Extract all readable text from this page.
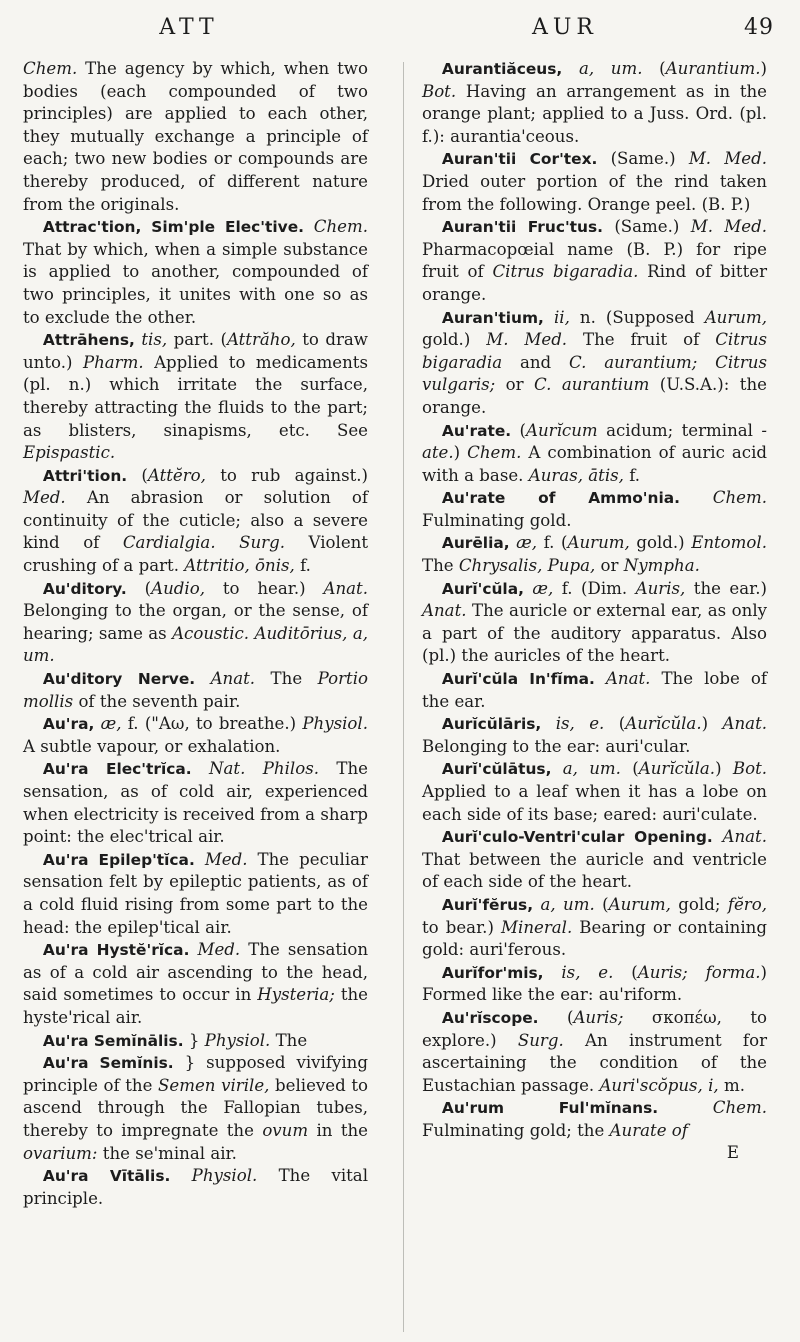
ATT	AUR	49

Chem. The agency by which, when two bodies (each compounded of two principles) are applied to each other, they mutually exchange a principle of each; two new bodies or compounds are thereby produced, of different nature from the originals.

Attrac'tion, Sim'ple Elec'tive. Chem. That by which, when a simple substance is applied to another, compounded of two principles, it unites with one so as to exclude the other.

Attrāhens, tis, part. (Attrăho, to draw unto.) Pharm. Applied to medicaments (pl. n.) which irritate the surface, thereby attracting the fluids to the part; as blisters, sinapisms, etc. See Epispastic.

Attri'tion. (Attĕro, to rub against.) Med. An abrasion or solution of continuity of the cuticle; also a severe kind of Cardialgia. Surg. Violent crushing of a part. Attritio, ōnis, f.

Au'ditory. (Audio, to hear.) Anat. Belonging to the organ, or the sense, of hearing; same as Acoustic. Auditōrius, a, um.

Au'ditory Nerve. Anat. The Portio mollis of the seventh pair.

Au'ra, æ, f. ("Αω, to breathe.) Physiol. A subtle vapour, or exhalation.

Au'ra Elec'trĭca. Nat. Philos. The sensation, as of cold air, experienced when electricity is received from a sharp point: the elec'trical air.

Au'ra Epilep'tĭca. Med. The peculiar sensation felt by epileptic patients, as of a cold fluid rising from some part to the head: the epilep'tical air.

Au'ra Hystĕ'rĭca. Med. The sensation as of a cold air ascending to the head, said sometimes to occur in Hysteria; the hyste'rical air.

Au'ra Semĭnālis. } Physiol. The

Au'ra Semĭnis. } supposed vivifying principle of the Semen virile, believed to ascend through the Fallopian tubes, thereby to impregnate the ovum in the ovarium: the se'minal air.

Au'ra Vītālis. Physiol. The vital principle.

Aurantiăceus, a, um. (Aurantium.) Bot. Having an arrangement as in the orange plant; applied to a Juss. Ord. (pl. f.): aurantia'ceous.

Auran'tii Cor'tex. (Same.) M. Med. Dried outer portion of the rind taken from the following. Orange peel. (B. P.)

Auran'tii Fruc'tus. (Same.) M. Med. Pharmacopœial name (B. P.) for ripe fruit of Citrus bigaradia. Rind of bitter orange.

Auran'tium, ii, n. (Supposed Aurum, gold.) M. Med. The fruit of Citrus bigaradia and C. aurantium; Citrus vulgaris; or C. aurantium (U.S.A.): the orange.

Au'rate. (Aurĭcum acidum; terminal -ate.) Chem. A combination of auric acid with a base. Auras, ātis, f.

Au'rate of Ammo'nia. Chem. Fulminating gold.

Aurēlia, æ, f. (Aurum, gold.) Entomol. The Chrysalis, Pupa, or Nympha.

Aurĭ'cŭla, æ, f. (Dim. Auris, the ear.) Anat. The auricle or external ear, as only a part of the auditory apparatus. Also (pl.) the auricles of the heart.

Aurĭ'cŭla In'fĭma. Anat. The lobe of the ear.

Aurĭcŭlāris, is, e. (Aurĭcŭla.) Anat. Belonging to the ear: auri'cular.

Aurĭ'cŭlātus, a, um. (Aurĭcŭla.) Bot. Applied to a leaf when it has a lobe on each side of its base; eared: auri'culate.

Aurĭ'culo-Ventri'cular Opening. Anat. That between the auricle and ventricle of each side of the heart.

Aurĭ'fĕrus, a, um. (Aurum, gold; fĕro, to bear.) Mineral. Bearing or containing gold: auri'ferous.

Aurĭfor'mis, is, e. (Auris; forma.) Formed like the ear: au'riform.

Au'rĭscope. (Auris; σκοπέω, to explore.) Surg. An instrument for ascertaining the condition of the Eustachian passage. Auri'scŏpus, i, m.

Au'rum Ful'mĭnans.	Chem. Fulminating gold; the Aurate of

E
